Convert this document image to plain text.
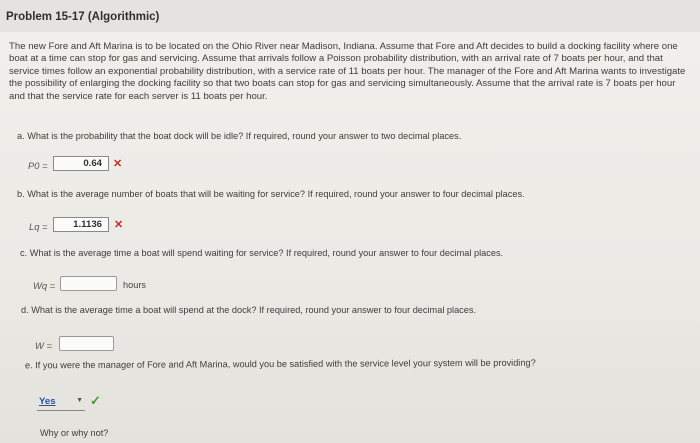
Problem 15-17 (Algorithmic)
The new Fore and Aft Marina is to be located on the Ohio River near Madison, Indiana. Assume that Fore and Aft decides to build a docking facility where one boat at a time can stop for gas and servicing. Assume that arrivals follow a Poisson probability distribution, with an arrival rate of 7 boats per hour, and that service times follow an exponential probability distribution, with a service rate of 11 boats per hour. The manager of the Fore and Aft Marina wants to investigate the possibility of enlarging the docking facility so that two boats can stop for gas and servicing simultaneously. Assume that the arrival rate is 7 boats per hour and that the service rate for each server is 11 boats per hour.
a. What is the probability that the boat dock will be idle? If required, round your answer to two decimal places.
P0 =	0.64	✕
b. What is the average number of boats that will be waiting for service? If required, round your answer to four decimal places.
Lq =	1.1136	✕
c. What is the average time a boat will spend waiting for service? If required, round your answer to four decimal places.
Wq =	hours
d. What is the average time a boat will spend at the dock? If required, round your answer to four decimal places.
W =
e. If you were the manager of Fore and Aft Marina, would you be satisfied with the service level your system will be providing?
Yes	▼ ✓
Why or why not?
